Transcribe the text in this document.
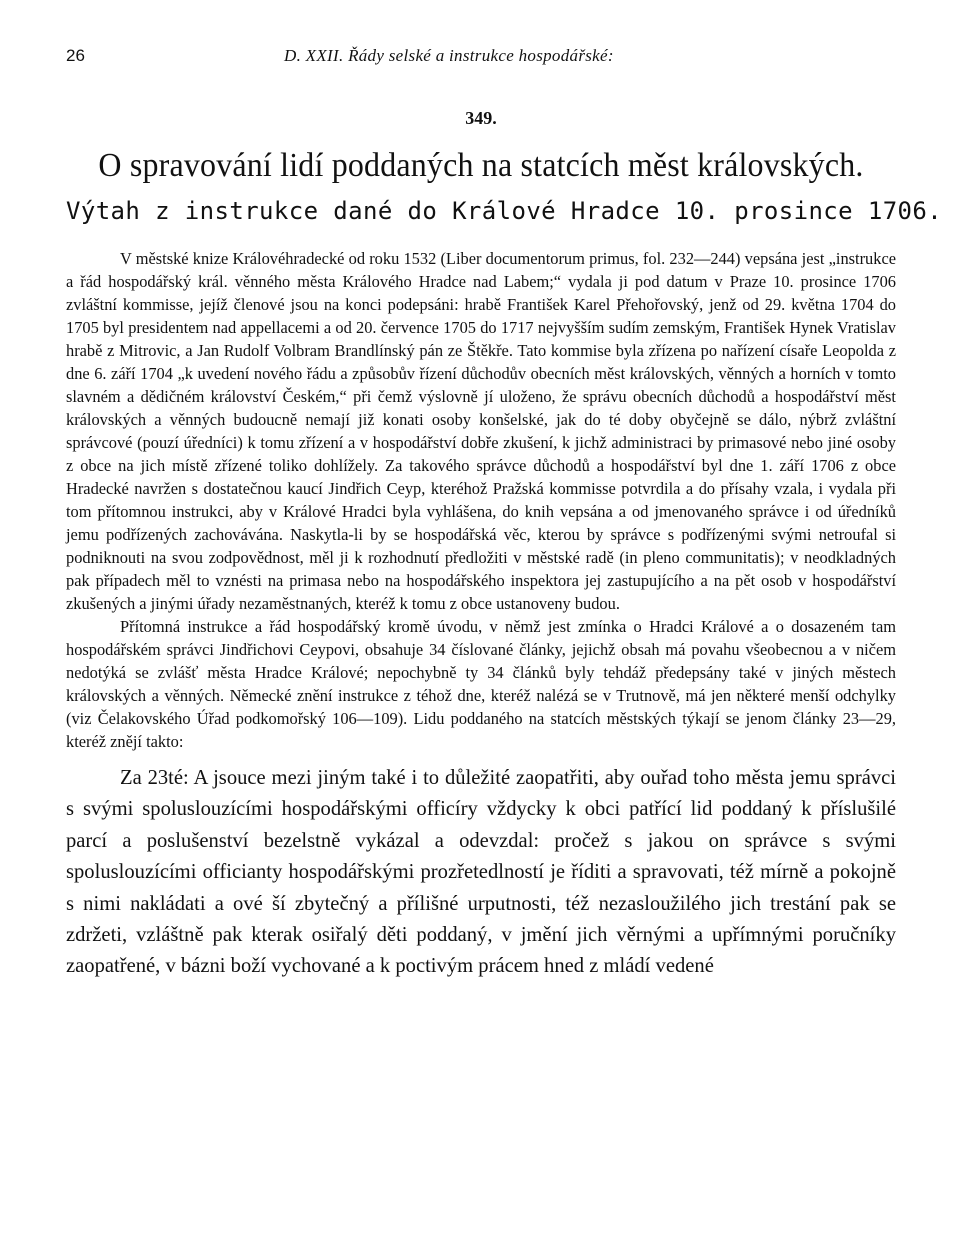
26	D. XXII. Řády selské a instrukce hospodářské:
349.
O spravování lidí poddaných na statcích měst královských.
Výtah z instrukce dané do Králové Hradce 10. prosince 1706.

V městské knize Královéhradecké od roku 1532 (Liber documentorum primus, fol. 232—244) vepsána jest „instrukce a řád hospodářský král. věnného města Králového Hradce nad Labem;“ vydala ji pod datum v Praze 10. prosince 1706 zvláštní kommisse, jejíž členové jsou na konci podepsáni: hrabě František Karel Přehořovský, jenž od 29. května 1704 do 1705 byl presidentem nad appellacemi a od 20. července 1705 do 1717 nejvyšším sudím zemským, František Hynek Vratislav hrabě z Mitrovic, a Jan Rudolf Volbram Brandlínský pán ze Štěkře. Tato kommise byla zřízena po nařízení císaře Leopolda z dne 6. září 1704 „k uvedení nového řádu a způsobův řízení důchodův obecních měst královských, věnných a horních v tomto slavném a dědičném království Českém,“ při čemž výslovně jí uloženo, že správu obecních důchodů a hospodářství měst královských a věnných budoucně nemají již konati osoby konšelské, jak do té doby obyčejně se dálo, nýbrž zvláštní správcové (pouzí úředníci) k tomu zřízení a v hospodářství dobře zkušení, k jichž administraci by primasové nebo jiné osoby z obce na jich místě zřízené toliko dohlížely. Za takového správce důchodů a hospodářství byl dne 1. září 1706 z obce Hradecké navržen s dostatečnou kaucí Jindřich Ceyp, kteréhož Pražská kommisse potvrdila a do přísahy vzala, i vydala při tom přítomnou instrukci, aby v Králové Hradci byla vyhlášena, do knih vepsána a od jmenovaného správce i od úředníků jemu podřízených zachovávána. Naskytla-li by se hospodářská věc, kterou by správce s podřízenými svými netroufal si podniknouti na svou zodpovědnost, měl ji k rozhodnutí předložiti v městské radě (in pleno communitatis); v neodkladných pak případech měl to vznésti na primasa nebo na hospodářského inspektora jej zastupujícího a na pět osob v hospodářství zkušených a jinými úřady nezaměstnaných, kteréž k tomu z obce ustanoveny budou.

Přítomná instrukce a řád hospodářský kromě úvodu, v němž jest zmínka o Hradci Králové a o dosazeném tam hospodářském správci Jindřichovi Ceypovi, obsahuje 34 číslované články, jejichž obsah má povahu všeobecnou a v ničem nedotýká se zvlášť města Hradce Králové; nepochybně ty 34 článků byly tehdáž předepsány také v jiných městech královských a věnných. Německé znění instrukce z téhož dne, kteréž nalézá se v Trutnově, má jen některé menší odchylky (viz Čelakovského Úřad podkomořský 106—109). Lidu poddaného na statcích městských týkají se jenom články 23—29, kteréž znějí takto:

Za 23té: A jsouce mezi jiným také i to důležité zaopatřiti, aby ouřad toho města jemu správci s svými spoluslouzícími hospodářskými officíry vždycky k obci patřící lid poddaný k příslušilé parcí a poslušenství bezelstně vykázal a odevzdal: pročež s jakou on správce s svými spoluslouzícími officianty hospodářskými prozřetedlností je říditi a spravovati, též mírně a pokojně s nimi nakládati a ové ší zbytečný a přílišné urputnosti, též nezasloužilého jich trestání pak se zdržeti, vzláštně pak kterak osiřalý děti poddaný, v jmění jich věrnými a upřímnými poručníky zaopatřené, v bázni boží vychované a k poctivým prácem hned z mládí vedené
